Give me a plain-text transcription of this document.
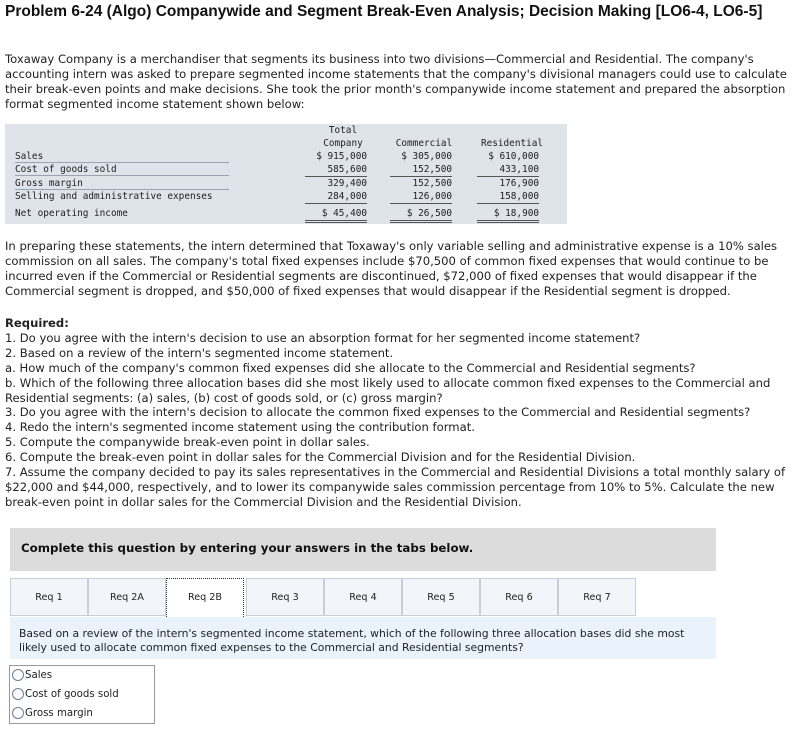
Problem 6-24 (Algo) Companywide and Segment Break-Even Analysis; Decision Making [LO6-4, LO6-5]
Toxaway Company is a merchandiser that segments its business into two divisions—Commercial and Residential. The company's
accounting intern was asked to prepare segmented income statements that the company's divisional managers could use to calculate
their break-even points and make decisions. She took the prior month's companywide income statement and prepared the absorption
format segmented income statement shown below:
Total
Company	Commercial	Residential
Sales	$ 915,000	$ 305,000	$ 610,000
Cost of goods sold	585,600	152,500	433,100
Gross margin	329,400	152,500	176,900
Selling and administrative expenses	284,000	126,000	158,000
Net operating income	$ 45,400	$ 26,500	$ 18,900
In preparing these statements, the intern determined that Toxaway's only variable selling and administrative expense is a 10% sales
commission on all sales. The company's total fixed expenses include $70,500 of common fixed expenses that would continue to be
incurred even if the Commercial or Residential segments are discontinued, $72,000 of fixed expenses that would disappear if the
Commercial segment is dropped, and $50,000 of fixed expenses that would disappear if the Residential segment is dropped.
Required:
1. Do you agree with the intern's decision to use an absorption format for her segmented income statement?
2. Based on a review of the intern's segmented income statement.
a. How much of the company's common fixed expenses did she allocate to the Commercial and Residential segments?
b. Which of the following three allocation bases did she most likely used to allocate common fixed expenses to the Commercial and
Residential segments: (a) sales, (b) cost of goods sold, or (c) gross margin?
3. Do you agree with the intern's decision to allocate the common fixed expenses to the Commercial and Residential segments?
4. Redo the intern's segmented income statement using the contribution format.
5. Compute the companywide break-even point in dollar sales.
6. Compute the break-even point in dollar sales for the Commercial Division and for the Residential Division.
7. Assume the company decided to pay its sales representatives in the Commercial and Residential Divisions a total monthly salary of
$22,000 and $44,000, respectively, and to lower its companywide sales commission percentage from 10% to 5%. Calculate the new
break-even point in dollar sales for the Commercial Division and the Residential Division.
Complete this question by entering your answers in the tabs below.
Req 1	Req 2A	Req 2B	Req 3	Req 4	Req 5	Req 6	Req 7
Based on a review of the intern's segmented income statement, which of the following three allocation bases did she most likely used to allocate common fixed expenses to the Commercial and Residential segments?
Sales
Cost of goods sold
Gross margin
